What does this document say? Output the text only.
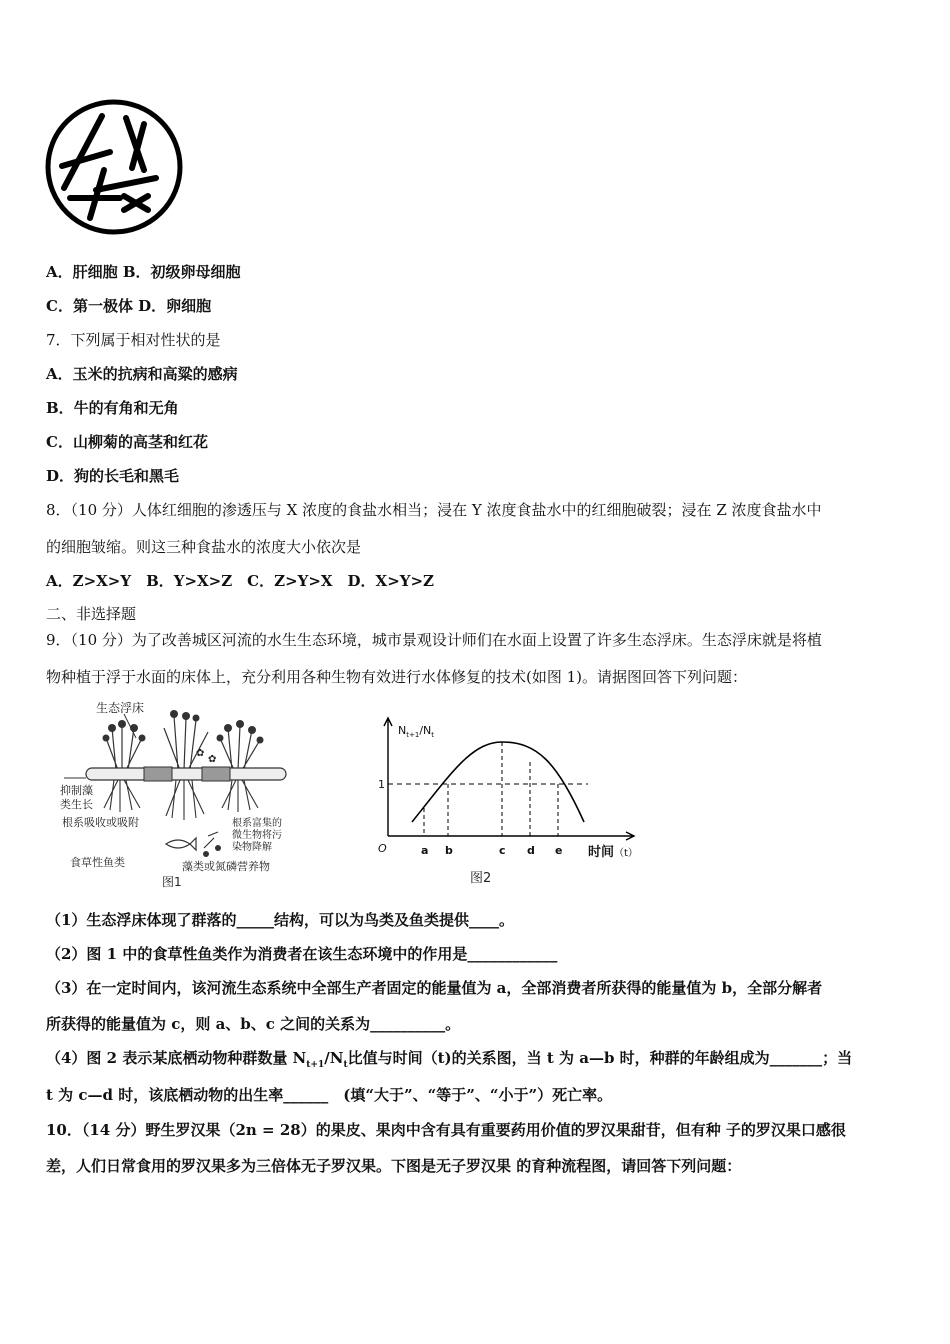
A．肝细胞 B．初级卵母细胞
C．第一极体 D．卵细胞
7．下列属于相对性状的是
A．玉米的抗病和高粱的感病
B．牛的有角和无角
C．山柳菊的高茎和红花
D．狗的长毛和黑毛
8．（10 分）人体红细胞的渗透压与 X 浓度的食盐水相当；浸在 Y 浓度食盐水中的红细胞破裂；浸在 Z 浓度食盐水中
的细胞皱缩。则这三种食盐水的浓度大小依次是
A．Z>X>Y　B．Y>X>Z　C．Z>Y>X　D．X>Y>Z
二、非选择题
9．（10 分）为了改善城区河流的水生生态环境，城市景观设计师们在水面上设置了许多生态浮床。生态浮床就是将植
物种植于浮于水面的床体上，充分利用各种生物有效进行水体修复的技术(如图 1)。请据图回答下列问题：
生态浮床
✿
✿
抑制藻
类生长
根系吸收或吸附	根系富集的
微生物将污
染物降解
食草性鱼类	藻类或氮磷营养物
图1
$N_{t+1}/N_t$
1
O	a b	c d e 时间（t）
图2
（1）生态浮床体现了群落的_____结构，可以为鸟类及鱼类提供____。
（2）图 1 中的食草性鱼类作为消费者在该生态环境中的作用是____________
（3）在一定时间内，该河流生态系统中全部生产者固定的能量值为 a，全部消费者所获得的能量值为 b，全部分解者
所获得的能量值为 c，则 a、b、c 之间的关系为__________。
（4）图 2 表示某底栖动物种群数量 $N_{t+1}/N_t$比值与时间（t)的关系图，当 t 为 a—b 时，种群的年龄组成为_______；当
t 为 c—d 时，该底栖动物的出生率______　(填“大于”、“等于”、“小于”）死亡率。
10．（14 分）野生罗汉果（2n = 28）的果皮、果肉中含有具有重要药用价值的罗汉果甜苷，但有种 子的罗汉果口感很
差，人们日常食用的罗汉果多为三倍体无子罗汉果。下图是无子罗汉果 的育种流程图，请回答下列问题：
